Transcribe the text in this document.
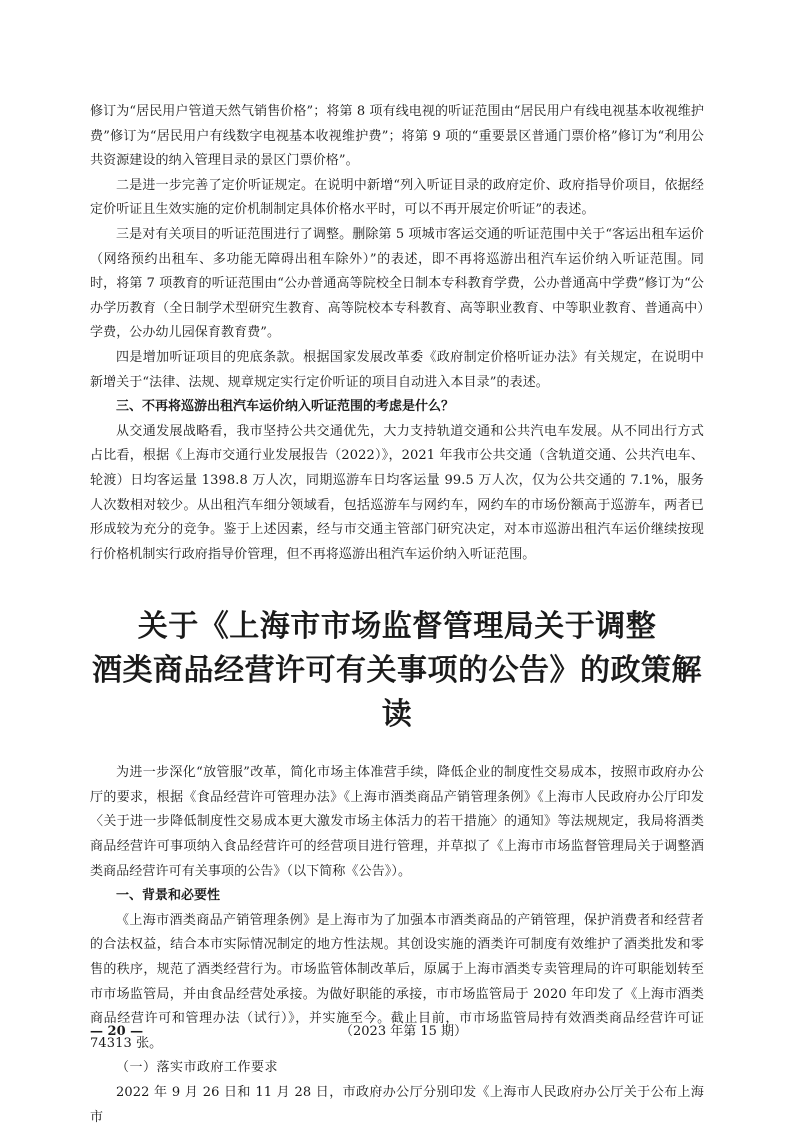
修订为“居民用户管道天然气销售价格”；将第 8 项有线电视的听证范围由“居民用户有线电视基本收视维护费”修订为“居民用户有线数字电视基本收视维护费”；将第 9 项的“重要景区普通门票价格”修订为“利用公共资源建设的纳入管理目录的景区门票价格”。

二是进一步完善了定价听证规定。在说明中新增“列入听证目录的政府定价、政府指导价项目，依据经定价听证且生效实施的定价机制制定具体价格水平时，可以不再开展定价听证”的表述。

三是对有关项目的听证范围进行了调整。删除第 5 项城市客运交通的听证范围中关于“客运出租车运价（网络预约出租车、多功能无障碍出租车除外）”的表述，即不再将巡游出租汽车运价纳入听证范围。同时，将第 7 项教育的听证范围由“公办普通高等院校全日制本专科教育学费，公办普通高中学费”修订为“公办学历教育（全日制学术型研究生教育、高等院校本专科教育、高等职业教育、中等职业教育、普通高中）学费，公办幼儿园保育教育费”。

四是增加听证项目的兜底条款。根据国家发展改革委《政府制定价格听证办法》有关规定，在说明中新增关于“法律、法规、规章规定实行定价听证的项目自动进入本目录”的表述。

三、不再将巡游出租汽车运价纳入听证范围的考虑是什么？

从交通发展战略看，我市坚持公共交通优先，大力支持轨道交通和公共汽电车发展。从不同出行方式占比看，根据《上海市交通行业发展报告（2022）》，2021 年我市公共交通（含轨道交通、公共汽电车、轮渡）日均客运量 1398.8 万人次，同期巡游车日均客运量 99.5 万人次，仅为公共交通的 7.1%，服务人次数相对较少。从出租汽车细分领域看，包括巡游车与网约车，网约车的市场份额高于巡游车，两者已形成较为充分的竞争。鉴于上述因素，经与市交通主管部门研究决定，对本市巡游出租汽车运价继续按现行价格机制实行政府指导价管理，但不再将巡游出租汽车运价纳入听证范围。

关于《上海市市场监督管理局关于调整
酒类商品经营许可有关事项的公告》的政策解读

为进一步深化“放管服”改革，简化市场主体准营手续，降低企业的制度性交易成本，按照市政府办公厅的要求，根据《食品经营许可管理办法》《上海市酒类商品产销管理条例》《上海市人民政府办公厅印发〈关于进一步降低制度性交易成本更大激发市场主体活力的若干措施〉的通知》等法规规定，我局将酒类商品经营许可事项纳入食品经营许可的经营项目进行管理，并草拟了《上海市市场监督管理局关于调整酒类商品经营许可有关事项的公告》（以下简称《公告》）。

一、背景和必要性

《上海市酒类商品产销管理条例》是上海市为了加强本市酒类商品的产销管理，保护消费者和经营者的合法权益，结合本市实际情况制定的地方性法规。其创设实施的酒类许可制度有效维护了酒类批发和零售的秩序，规范了酒类经营行为。市场监管体制改革后，原属于上海市酒类专卖管理局的许可职能划转至市市场监管局，并由食品经营处承接。为做好职能的承接，市市场监管局于 2020 年印发了《上海市酒类商品经营许可和管理办法（试行）》，并实施至今。截止目前，市市场监管局持有效酒类商品经营许可证 74313 张。

（一）落实市政府工作要求

2022 年 9 月 26 日和 11 月 28 日，市政府办公厅分别印发《上海市人民政府办公厅关于公布上海市

— 20 —	（2023 年第 15 期）
